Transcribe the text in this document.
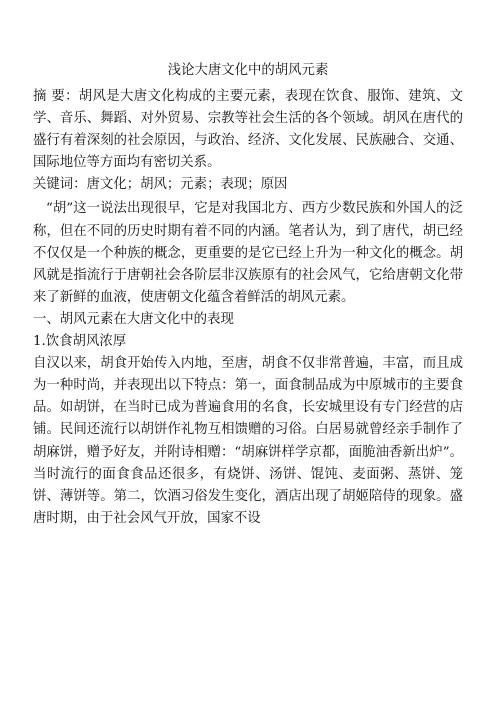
浅论大唐文化中的胡风元素

摘 要：胡风是大唐文化构成的主要元素，表现在饮食、服饰、建筑、文学、音乐、舞蹈、对外贸易、宗教等社会生活的各个领域。胡风在唐代的盛行有着深刻的社会原因，与政治、经济、文化发展、民族融合、交通、国际地位等方面均有密切关系。

关键词：唐文化；胡风；元素；表现；原因

“胡”这一说法出现很早，它是对我国北方、西方少数民族和外国人的泛称，但在不同的历史时期有着不同的内涵。笔者认为，到了唐代，胡已经不仅仅是一个种族的概念，更重要的是它已经上升为一种文化的概念。胡风就是指流行于唐朝社会各阶层非汉族原有的社会风气，它给唐朝文化带来了新鲜的血液，使唐朝文化蕴含着鲜活的胡风元素。

一、胡风元素在大唐文化中的表现

1.饮食胡风浓厚

自汉以来，胡食开始传入内地，至唐，胡食不仅非常普遍，丰富，而且成为一种时尚，并表现出以下特点：第一，面食制品成为中原城市的主要食品。如胡饼，在当时已成为普遍食用的名食，长安城里设有专门经营的店铺。民间还流行以胡饼作礼物互相馈赠的习俗。白居易就曾经亲手制作了胡麻饼，赠予好友，并附诗相赠：“胡麻饼样学京都，面脆油香新出炉”。当时流行的面食食品还很多，有烧饼、汤饼、馄饨、麦面粥、蒸饼、笼饼、薄饼等。第二，饮酒习俗发生变化，酒店出现了胡姬陪侍的现象。盛唐时期，由于社会风气开放，国家不设
